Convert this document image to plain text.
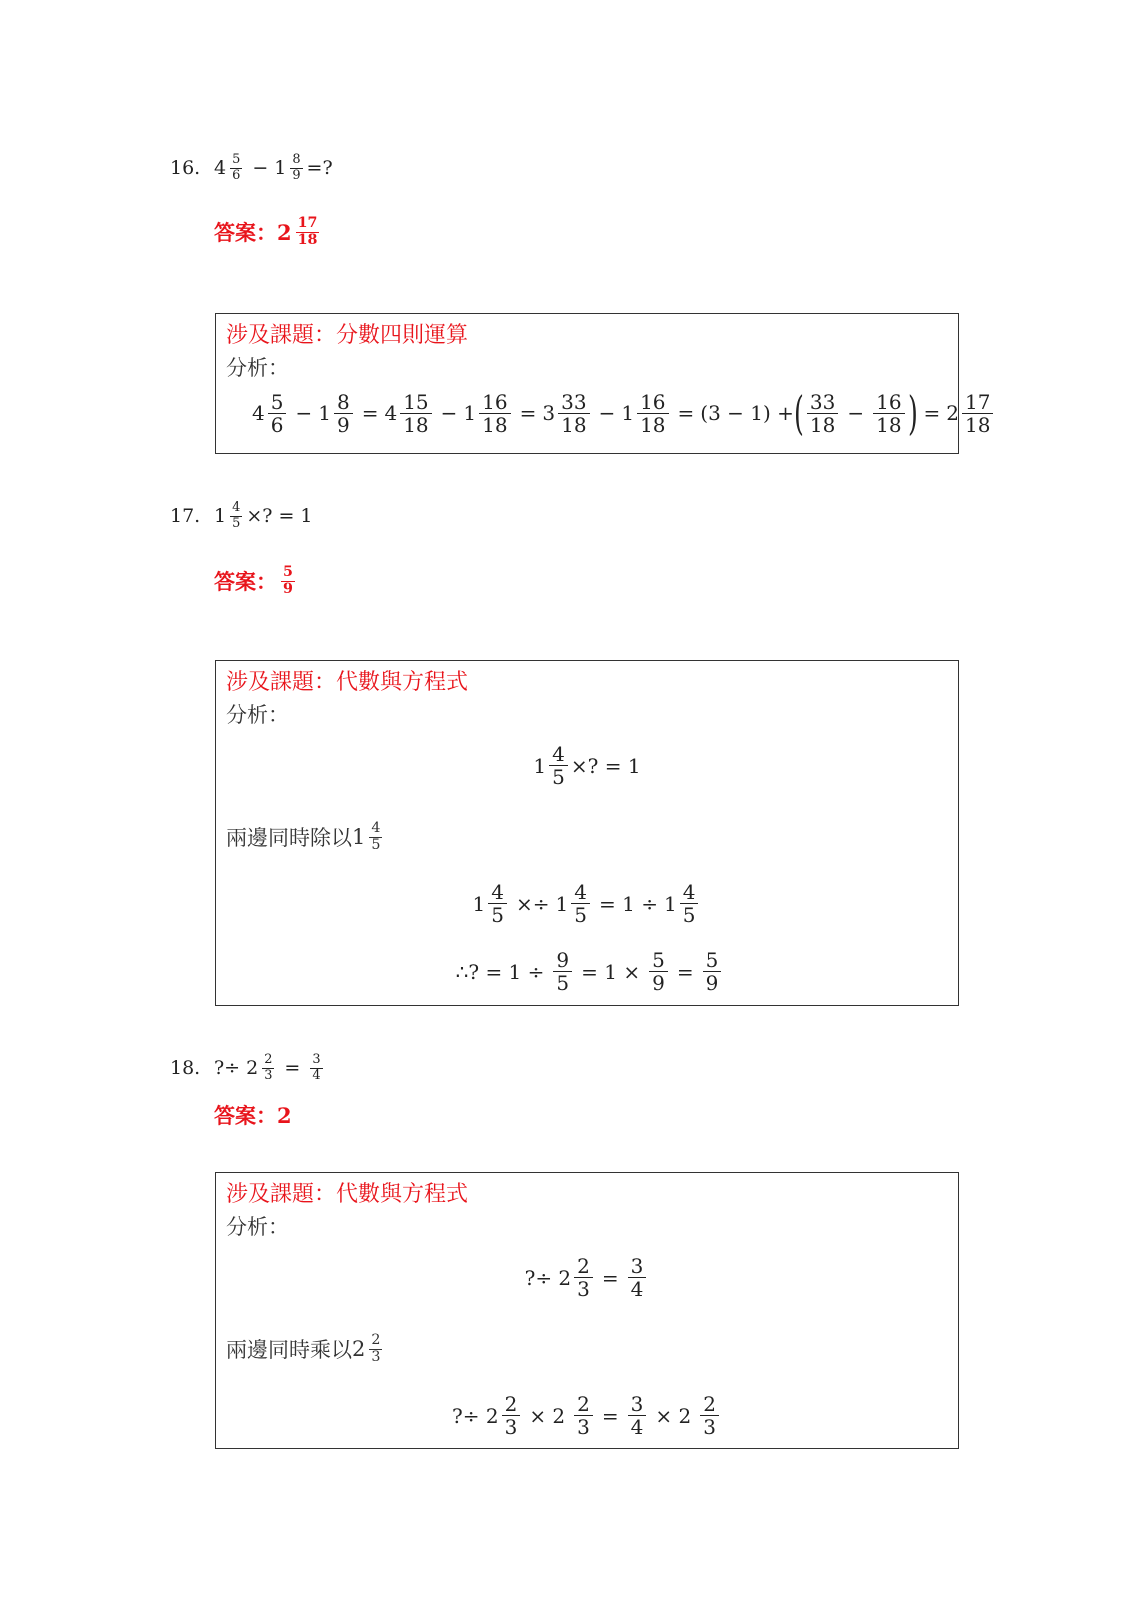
16. $4 \frac{5}{6} - 1 \frac{8}{9}$ =?
答案： $2 \frac{17}{18}$
涉及課題：分數四則運算
分析：
$4 \frac{5}{6} - 1 \frac{8}{9} = 4 \frac{15}{18} - 1 \frac{16}{18} = 3 \frac{33}{18} - 1 \frac{16}{18} = (3 - 1)$ + ( $\frac{33}{18} - \frac{16}{18}$ ) = $2 \frac{17}{18}$
17. $1 \frac{4}{5}$ ×? = 1
答案： $\frac{5}{9}$
涉及課題：代數與方程式
分析：
$1 \frac{4}{5}$ ×? = 1
兩邊同時除以 $1 \frac{4}{5}$
$1 \frac{4}{5} \times\div 1 \frac{4}{5} = 1 \div 1 \frac{4}{5}$
∴? = $1 \div \frac{9}{5} = 1 \times \frac{5}{9} = \frac{5}{9}$
18. ?÷ $2 \frac{2}{3} = \frac{3}{4}$
答案： 2
涉及課題：代數與方程式
分析：
?÷ $2 \frac{2}{3} = \frac{3}{4}$
兩邊同時乘以 $2 \frac{2}{3}$
?÷ $2 \frac{2}{3} \times 2 \frac{2}{3} = \frac{3}{4} \times 2 \frac{2}{3}$
